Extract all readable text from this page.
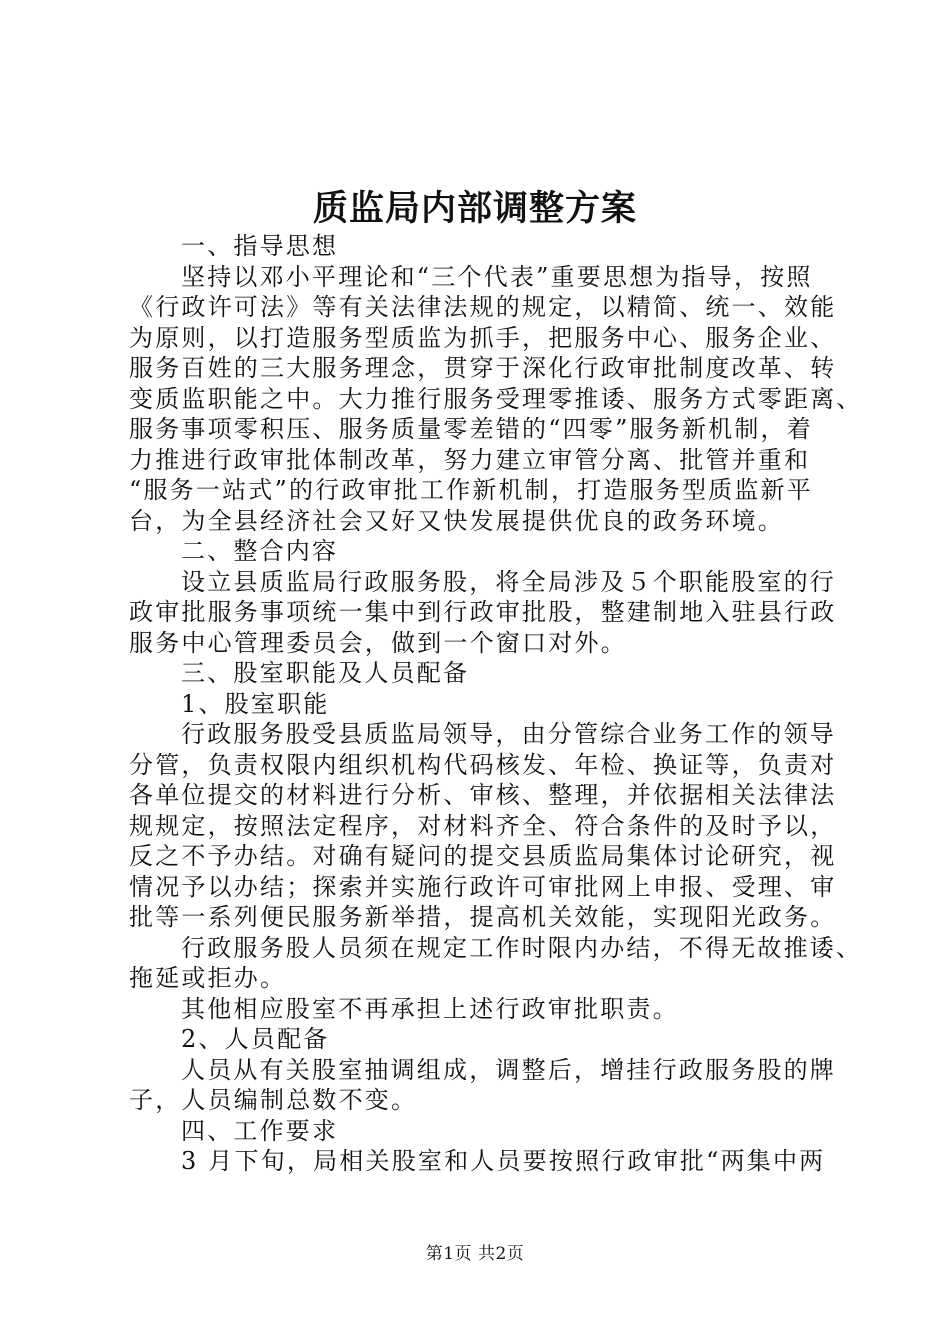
质监局内部调整方案
一、指导思想
坚持以邓小平理论和“三个代表”重要思想为指导，按照
《行政许可法》等有关法律法规的规定，以精简、统一、效能
为原则，以打造服务型质监为抓手，把服务中心、服务企业、
服务百姓的三大服务理念，贯穿于深化行政审批制度改革、转
变质监职能之中。大力推行服务受理零推诿、服务方式零距离、
服务事项零积压、服务质量零差错的“四零”服务新机制，着
力推进行政审批体制改革，努力建立审管分离、批管并重和
“服务一站式”的行政审批工作新机制，打造服务型质监新平
台，为全县经济社会又好又快发展提供优良的政务环境。
二、整合内容
设立县质监局行政服务股，将全局涉及５个职能股室的行
政审批服务事项统一集中到行政审批股，整建制地入驻县行政
服务中心管理委员会，做到一个窗口对外。
三、股室职能及人员配备
1、股室职能
行政服务股受县质监局领导，由分管综合业务工作的领导
分管，负责权限内组织机构代码核发、年检、换证等，负责对
各单位提交的材料进行分析、审核、整理，并依据相关法律法
规规定，按照法定程序，对材料齐全、符合条件的及时予以，
反之不予办结。对确有疑问的提交县质监局集体讨论研究，视
情况予以办结；探索并实施行政许可审批网上申报、受理、审
批等一系列便民服务新举措，提高机关效能，实现阳光政务。
行政服务股人员须在规定工作时限内办结，不得无故推诿、
拖延或拒办。
其他相应股室不再承担上述行政审批职责。
2、人员配备
人员从有关股室抽调组成，调整后，增挂行政服务股的牌
子，人员编制总数不变。
四、工作要求
3 月下旬，局相关股室和人员要按照行政审批“两集中两
第1页 共2页
